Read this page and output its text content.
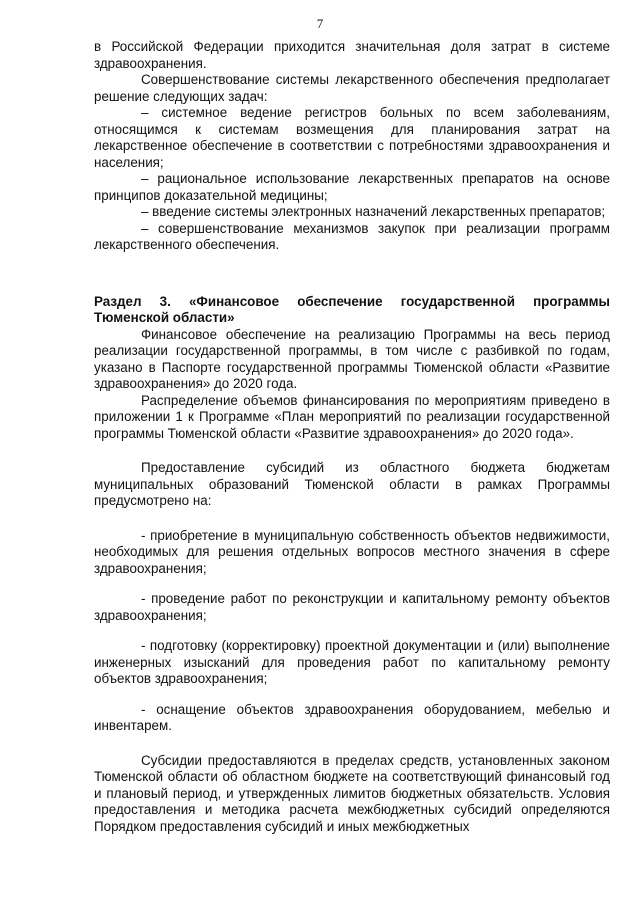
7

в Российской Федерации приходится значительная доля затрат в системе здравоохранения.

Совершенствование системы лекарственного обеспечения предполагает решение следующих задач:

– системное ведение регистров больных по всем заболеваниям, относящимся к системам возмещения для планирования затрат на лекарственное обеспечение в соответствии с потребностями здравоохранения и населения;

– рациональное использование лекарственных препаратов на основе принципов доказательной медицины;

– введение системы электронных назначений лекарственных препаратов;

– совершенствование механизмов закупок при реализации программ лекарственного обеспечения.

Раздел 3. «Финансовое обеспечение государственной программы Тюменской области»

Финансовое обеспечение на реализацию Программы на весь период реализации государственной программы, в том числе с разбивкой по годам, указано в Паспорте государственной программы Тюменской области «Развитие здравоохранения» до 2020 года.

Распределение объемов финансирования по мероприятиям приведено в приложении 1 к Программе «План мероприятий по реализации государственной программы Тюменской области «Развитие здравоохранения» до 2020 года».

Предоставление субсидий из областного бюджета бюджетам муниципальных образований Тюменской области в рамках Программы предусмотрено на:

- приобретение в муниципальную собственность объектов недвижимости, необходимых для решения отдельных вопросов местного значения в сфере здравоохранения;

- проведение работ по реконструкции и капитальному ремонту объектов здравоохранения;

- подготовку (корректировку) проектной документации и (или) выполнение инженерных изысканий для проведения работ по капитальному ремонту объектов здравоохранения;

- оснащение объектов здравоохранения оборудованием, мебелью и инвентарем.

Субсидии предоставляются в пределах средств, установленных законом Тюменской области об областном бюджете на соответствующий финансовый год и плановый период, и утвержденных лимитов бюджетных обязательств. Условия предоставления и методика расчета межбюджетных субсидий определяются Порядком предоставления субсидий и иных межбюджетных
